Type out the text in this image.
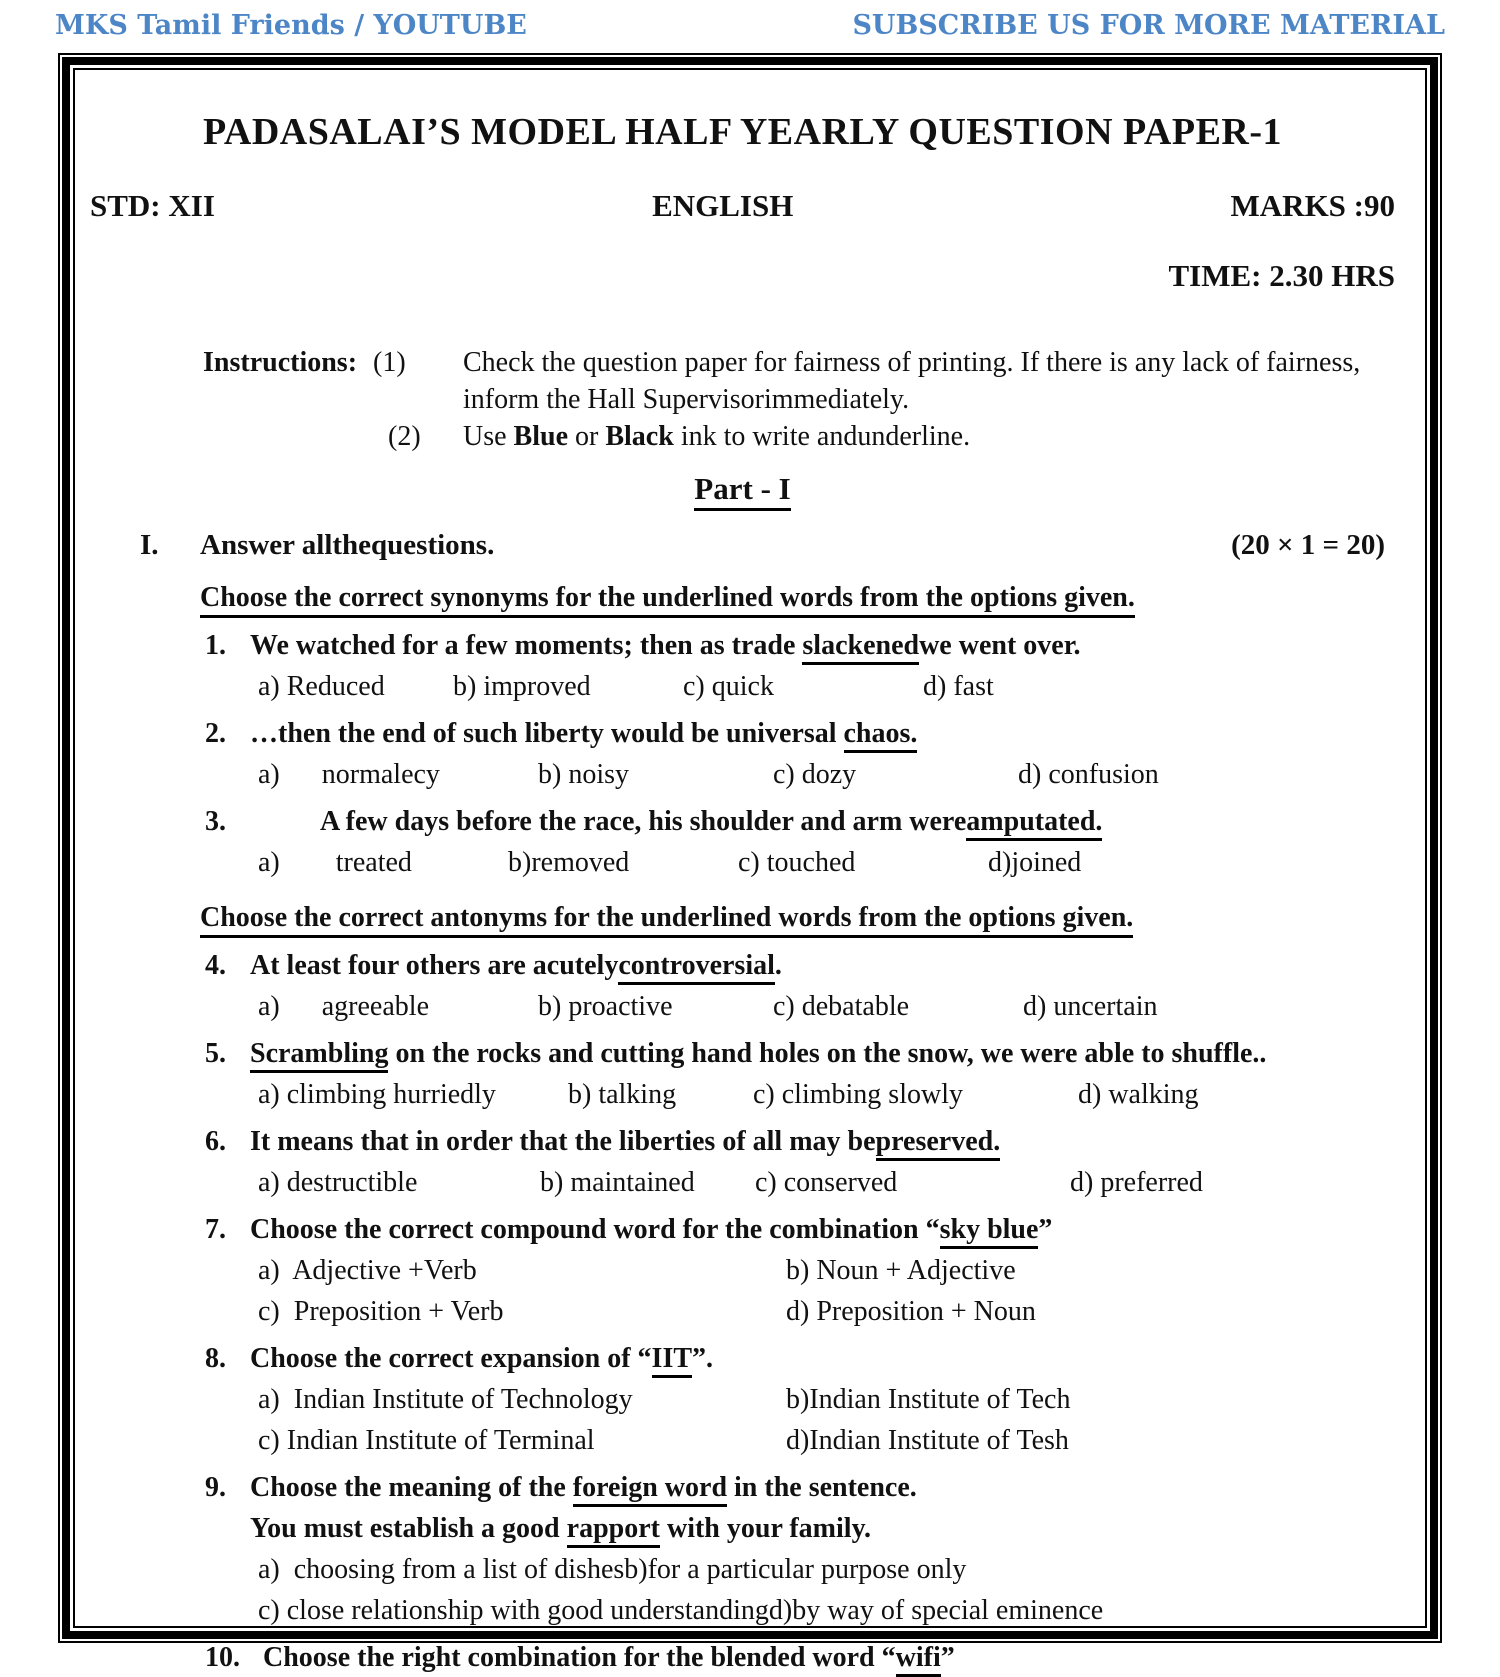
MKS Tamil Friends / YOUTUBE	SUBSCRIBE US FOR MORE MATERIAL
PADASALAI’S MODEL HALF YEARLY QUESTION PAPER-1
STD: XII	ENGLISH	MARKS :90
TIME: 2.30 HRS
Instructions: (1)	Check the question paper for fairness of printing. If there is any lack of fairness, inform the Hall Supervisorimmediately.
(2)	Use Blue or Black ink to write andunderline.
Part - I
I.	Answer allthequestions.	(20 × 1 = 20)
Choose the correct synonyms for the underlined words from the options given.
1. We watched for a few moments; then as trade slackenedwe went over.
a) Reduced	b) improved	c) quick	d) fast
2. …then the end of such liberty would be universal chaos.
a)      normalecy	b) noisy	c) dozy	d) confusion
3.	A few days before the race, his shoulder and arm wereamputated.
a)        treated	b)removed	c) touched	d)joined
Choose the correct antonyms for the underlined words from the options given.
4. At least four others are acutelycontroversial.
a)      agreeable	b) proactive	c) debatable	d) uncertain
5. Scrambling on the rocks and cutting hand holes on the snow, we were able to shuffle..
a) climbing hurriedly	b) talking	c) climbing slowly	d) walking
6. It means that in order that the liberties of all may bepreserved.
a) destructible	b) maintained	c) conserved	d) preferred
7. Choose the correct compound word for the combination “sky blue”
a)  Adjective +Verb	b) Noun + Adjective
c)  Preposition + Verb	d) Preposition + Noun
8. Choose the correct expansion of “IIT”.
a)  Indian Institute of Technology	b)Indian Institute of Tech
c) Indian Institute of Terminal	d)Indian Institute of Tesh
9. Choose the meaning of the foreign word in the sentence.
You must establish a good rapport with your family.
a)  choosing from a list of dishesb)for a particular purpose only
c) close relationship with good understandingd)by way of special eminence
10. Choose the right combination for the blended word “wifi”
